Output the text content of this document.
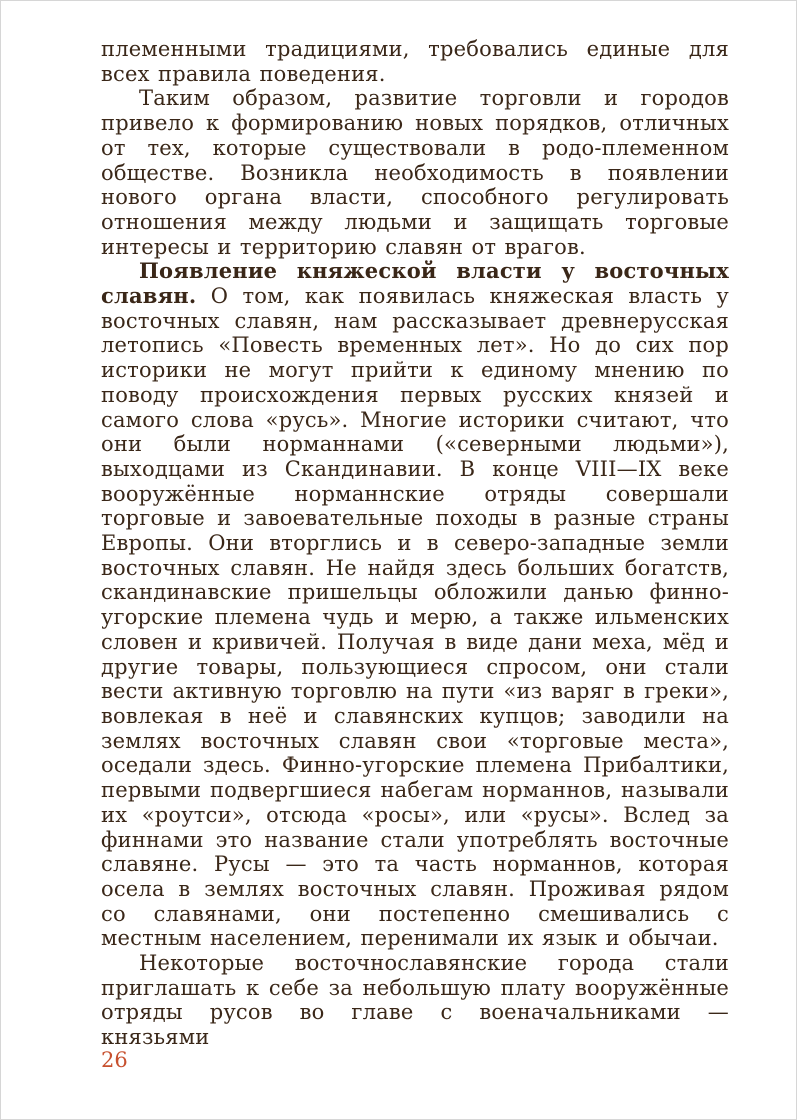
племенными традициями, требовались единые для всех правила поведения.

Таким образом, развитие торговли и городов привело к формированию новых порядков, отличных от тех, которые существовали в родо-племенном обществе. Возникла необходимость в появлении нового органа власти, способного регулировать отношения между людьми и защищать торговые интересы и территорию славян от врагов.

Появление княжеской власти у восточных славян. О том, как появилась княжеская власть у восточных славян, нам рассказывает древнерусская летопись «Повесть временных лет». Но до сих пор историки не могут прийти к единому мнению по поводу происхождения первых русских князей и самого слова «русь». Многие историки считают, что они были норманнами («северными людьми»), выходцами из Скандинавии. В конце VIII—IX веке вооружённые норманнские отряды совершали торговые и завоевательные походы в разные страны Европы. Они вторглись и в северо-западные земли восточных славян. Не найдя здесь больших богатств, скандинавские пришельцы обложили данью финно-угорские племена чудь и мерю, а также ильменских словен и кривичей. Получая в виде дани меха, мёд и другие товары, пользующиеся спросом, они стали вести активную торговлю на пути «из варяг в греки», вовлекая в неё и славянских купцов; заводили на землях восточных славян свои «торговые места», оседали здесь. Финно-угорские племена Прибалтики, первыми подвергшиеся набегам норманнов, называли их «роутси», отсюда «росы», или «русы». Вслед за финнами это название стали употреблять восточные славяне. Русы — это та часть норманнов, которая осела в землях восточных славян. Проживая рядом со славянами, они постепенно смешивались с местным населением, перенимали их язык и обычаи.

Некоторые восточнославянские города стали приглашать к себе за небольшую плату вооружённые отряды русов во главе с военачальниками — князьями

26
